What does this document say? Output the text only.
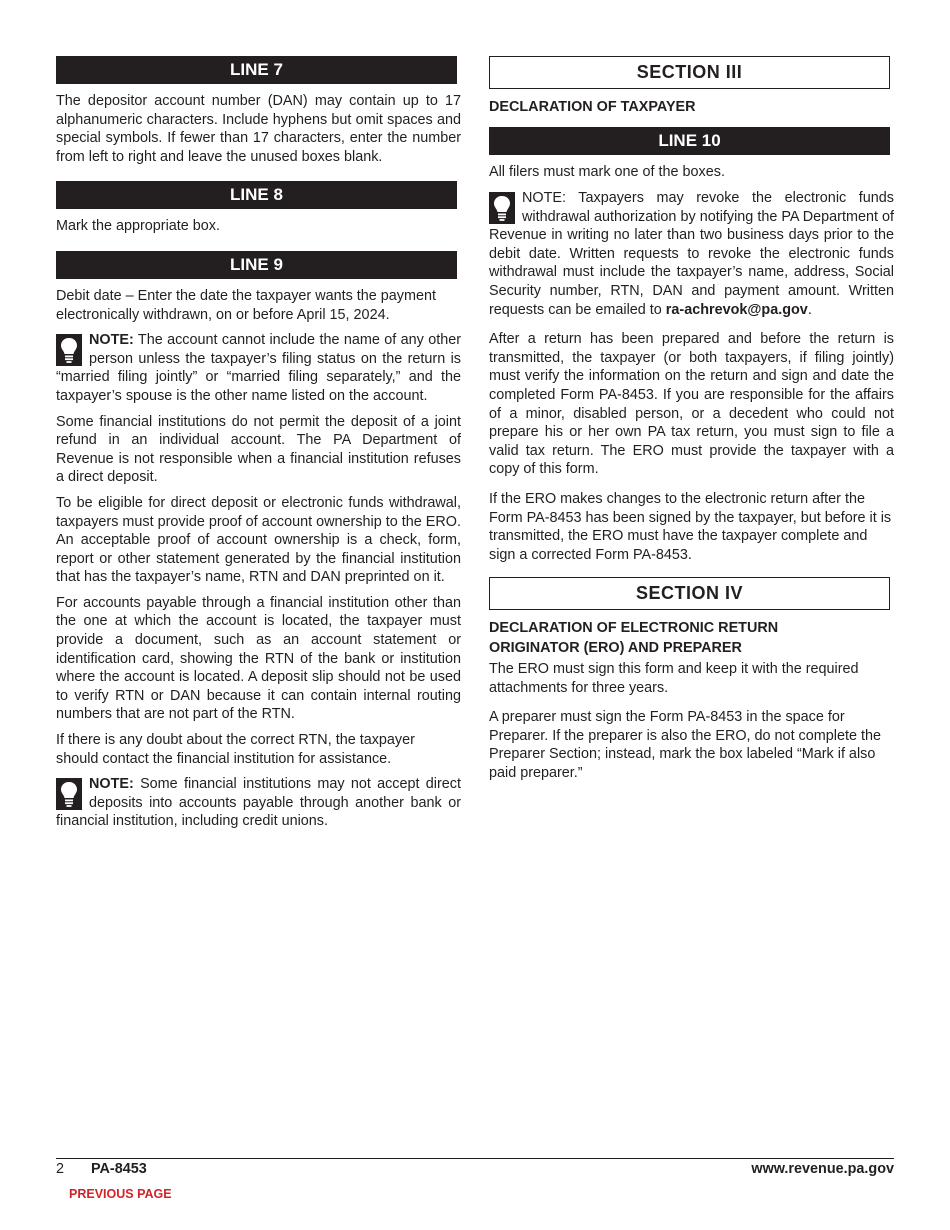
LINE 7

The depositor account number (DAN) may contain up to 17 alphanumeric characters. Include hyphens but omit spaces and special symbols. If fewer than 17 characters, enter the number from left to right and leave the unused boxes blank.

LINE 8

Mark the appropriate box.

LINE 9

Debit date – Enter the date the taxpayer wants the payment electronically withdrawn, on or before April 15, 2024.

NOTE: The account cannot include the name of any other person unless the taxpayer’s filing status on the return is “married filing jointly” or “married filing separately,” and the taxpayer’s spouse is the other name listed on the account.

Some financial institutions do not permit the deposit of a joint refund in an individual account. The PA Department of Revenue is not responsible when a financial institution refuses a direct deposit.

To be eligible for direct deposit or electronic funds withdrawal, taxpayers must provide proof of account ownership to the ERO. An acceptable proof of account ownership is a check, form, report or other statement generated by the financial institution that has the taxpayer’s name, RTN and DAN preprinted on it.

For accounts payable through a financial institution other than the one at which the account is located, the taxpayer must provide a document, such as an account statement or identification card, showing the RTN of the bank or institution where the account is located. A deposit slip should not be used to verify RTN or DAN because it can contain internal routing numbers that are not part of the RTN.

If there is any doubt about the correct RTN, the taxpayer should contact the financial institution for assistance.

NOTE: Some financial institutions may not accept direct deposits into accounts payable through another bank or financial institution, including credit unions.

SECTION III
DECLARATION OF TAXPAYER
LINE 10

All filers must mark one of the boxes.

NOTE: Taxpayers may revoke the electronic funds withdrawal authorization by notifying the PA Department of Revenue in writing no later than two business days prior to the debit date. Written requests to revoke the electronic funds withdrawal must include the taxpayer’s name, address, Social Security number, RTN, DAN and payment amount. Written requests can be emailed to ra-achrevok@pa.gov.

After a return has been prepared and before the return is transmitted, the taxpayer (or both taxpayers, if filing jointly) must verify the information on the return and sign and date the completed Form PA-8453. If you are responsible for the affairs of a minor, disabled person, or a decedent who could not prepare his or her own PA tax return, you must sign to file a valid tax return. The ERO must provide the taxpayer with a copy of this form.

If the ERO makes changes to the electronic return after the Form PA-8453 has been signed by the taxpayer, but before it is transmitted, the ERO must have the taxpayer complete and sign a corrected Form PA-8453.

SECTION IV
DECLARATION OF ELECTRONIC RETURN
ORIGINATOR (ERO) AND PREPARER

The ERO must sign this form and keep it with the required attachments for three years.

A preparer must sign the Form PA-8453 in the space for Preparer. If the preparer is also the ERO, do not complete the Preparer Section; instead, mark the box labeled “Mark if also paid preparer.”

2 PA-8453	www.revenue.pa.gov
PREVIOUS PAGE
